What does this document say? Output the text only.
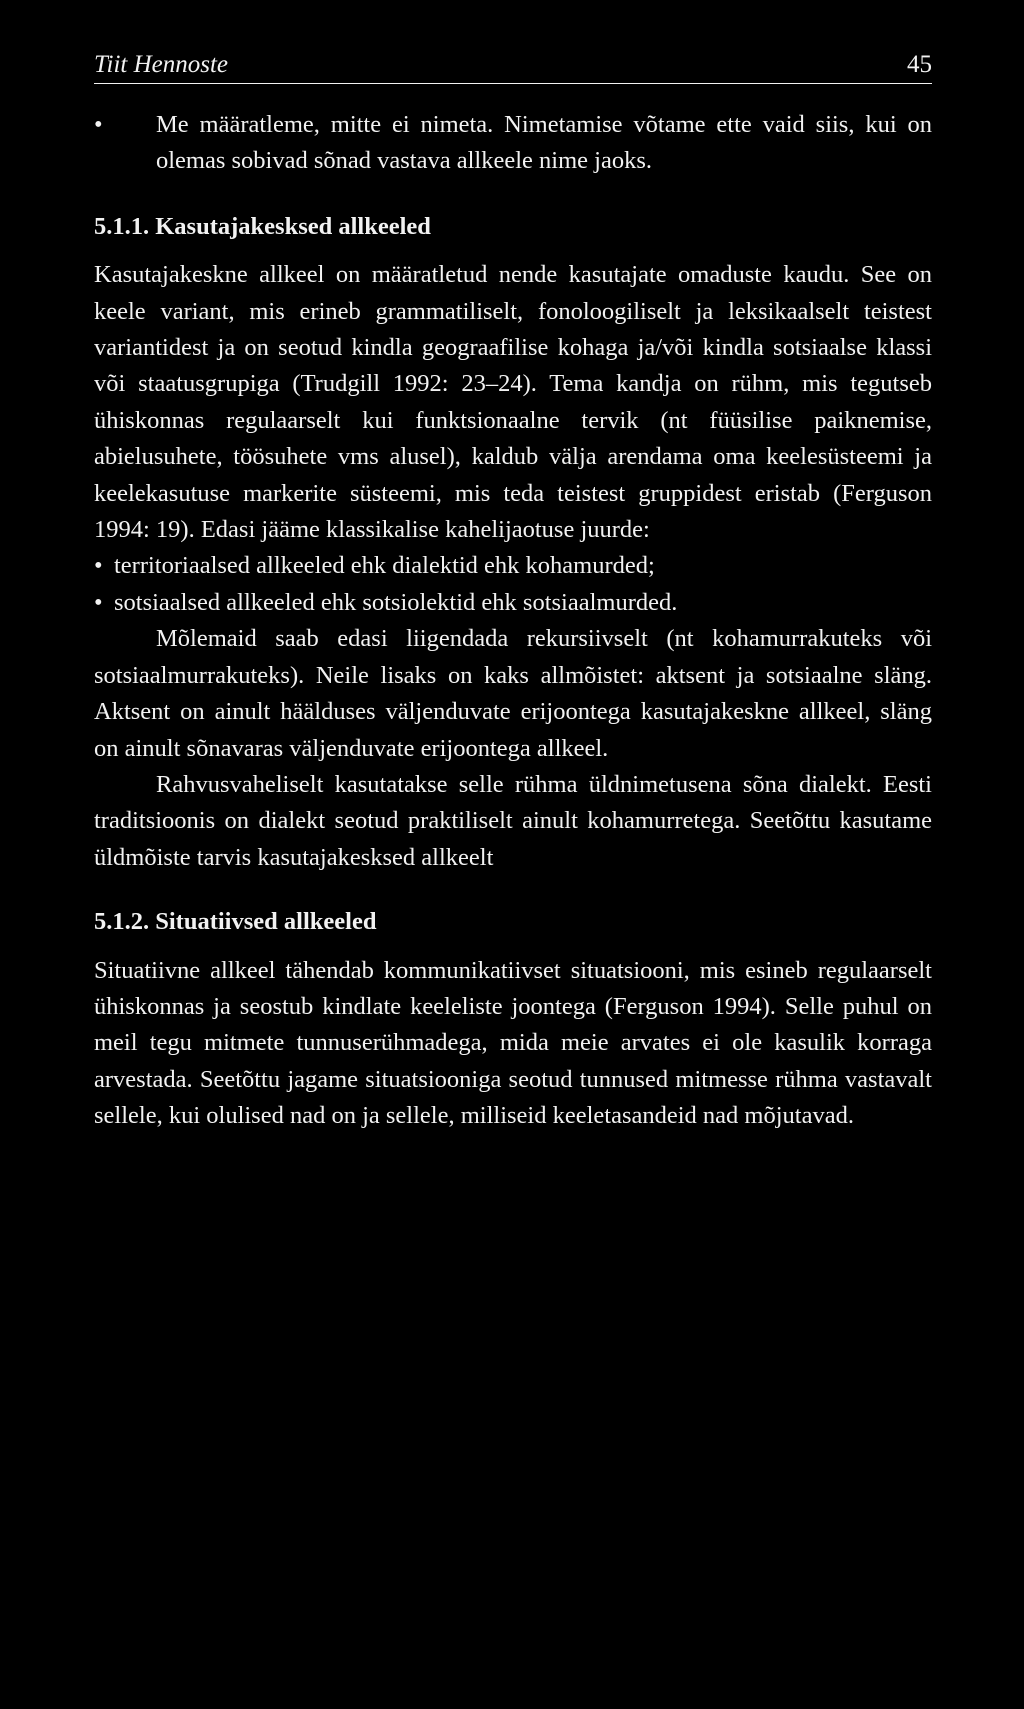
Tiit Hennoste	45

• Me määratleme, mitte ei nimeta. Nimetamise võtame ette vaid siis, kui on olemas sobivad sõnad vastava allkeele nime jaoks.

5.1.1. Kasutajakesksed allkeeled

Kasutajakeskne allkeel on määratletud nende kasutajate omaduste kaudu. See on keele variant, mis erineb grammatiliselt, fonoloogiliselt ja leksikaalselt teistest variantidest ja on seotud kindla geograafilise kohaga ja/või kindla sotsiaalse klassi või staatusgrupiga (Trudgill 1992: 23–24). Tema kandja on rühm, mis tegutseb ühiskonnas regulaarselt kui funktsionaalne tervik (nt füüsilise paiknemise, abielusuhete, töösuhete vms alusel), kaldub välja arendama oma keelesüsteemi ja keelekasutuse markerite süsteemi, mis teda teistest gruppidest eristab (Ferguson 1994: 19). Edasi jääme klassikalise kahelijaotuse juurde:

• territoriaalsed allkeeled ehk dialektid ehk kohamurded;

• sotsiaalsed allkeeled ehk sotsiolektid ehk sotsiaalmurded.

Mõlemaid saab edasi liigendada rekursiivselt (nt kohamurrakuteks või sotsiaalmurrakuteks). Neile lisaks on kaks allmõistet: aktsent ja sotsiaalne släng. Aktsent on ainult häälduses väljenduvate erijoontega kasutajakeskne allkeel, släng on ainult sõnavaras väljenduvate erijoontega allkeel.

Rahvusvaheliselt kasutatakse selle rühma üldnimetusena sõna dialekt. Eesti traditsioonis on dialekt seotud praktiliselt ainult kohamurretega. Seetõttu kasutame üldmõiste tarvis kasutajakesksed allkeelt

5.1.2. Situatiivsed allkeeled

Situatiivne allkeel tähendab kommunikatiivset situatsiooni, mis esineb regulaarselt ühiskonnas ja seostub kindlate keeleliste joontega (Ferguson 1994). Selle puhul on meil tegu mitmete tunnuserühmadega, mida meie arvates ei ole kasulik korraga arvestada. Seetõttu jagame situatsiooniga seotud tunnused mitmesse rühma vastavalt sellele, kui olulised nad on ja sellele, milliseid keeletasandeid nad mõjutavad.
